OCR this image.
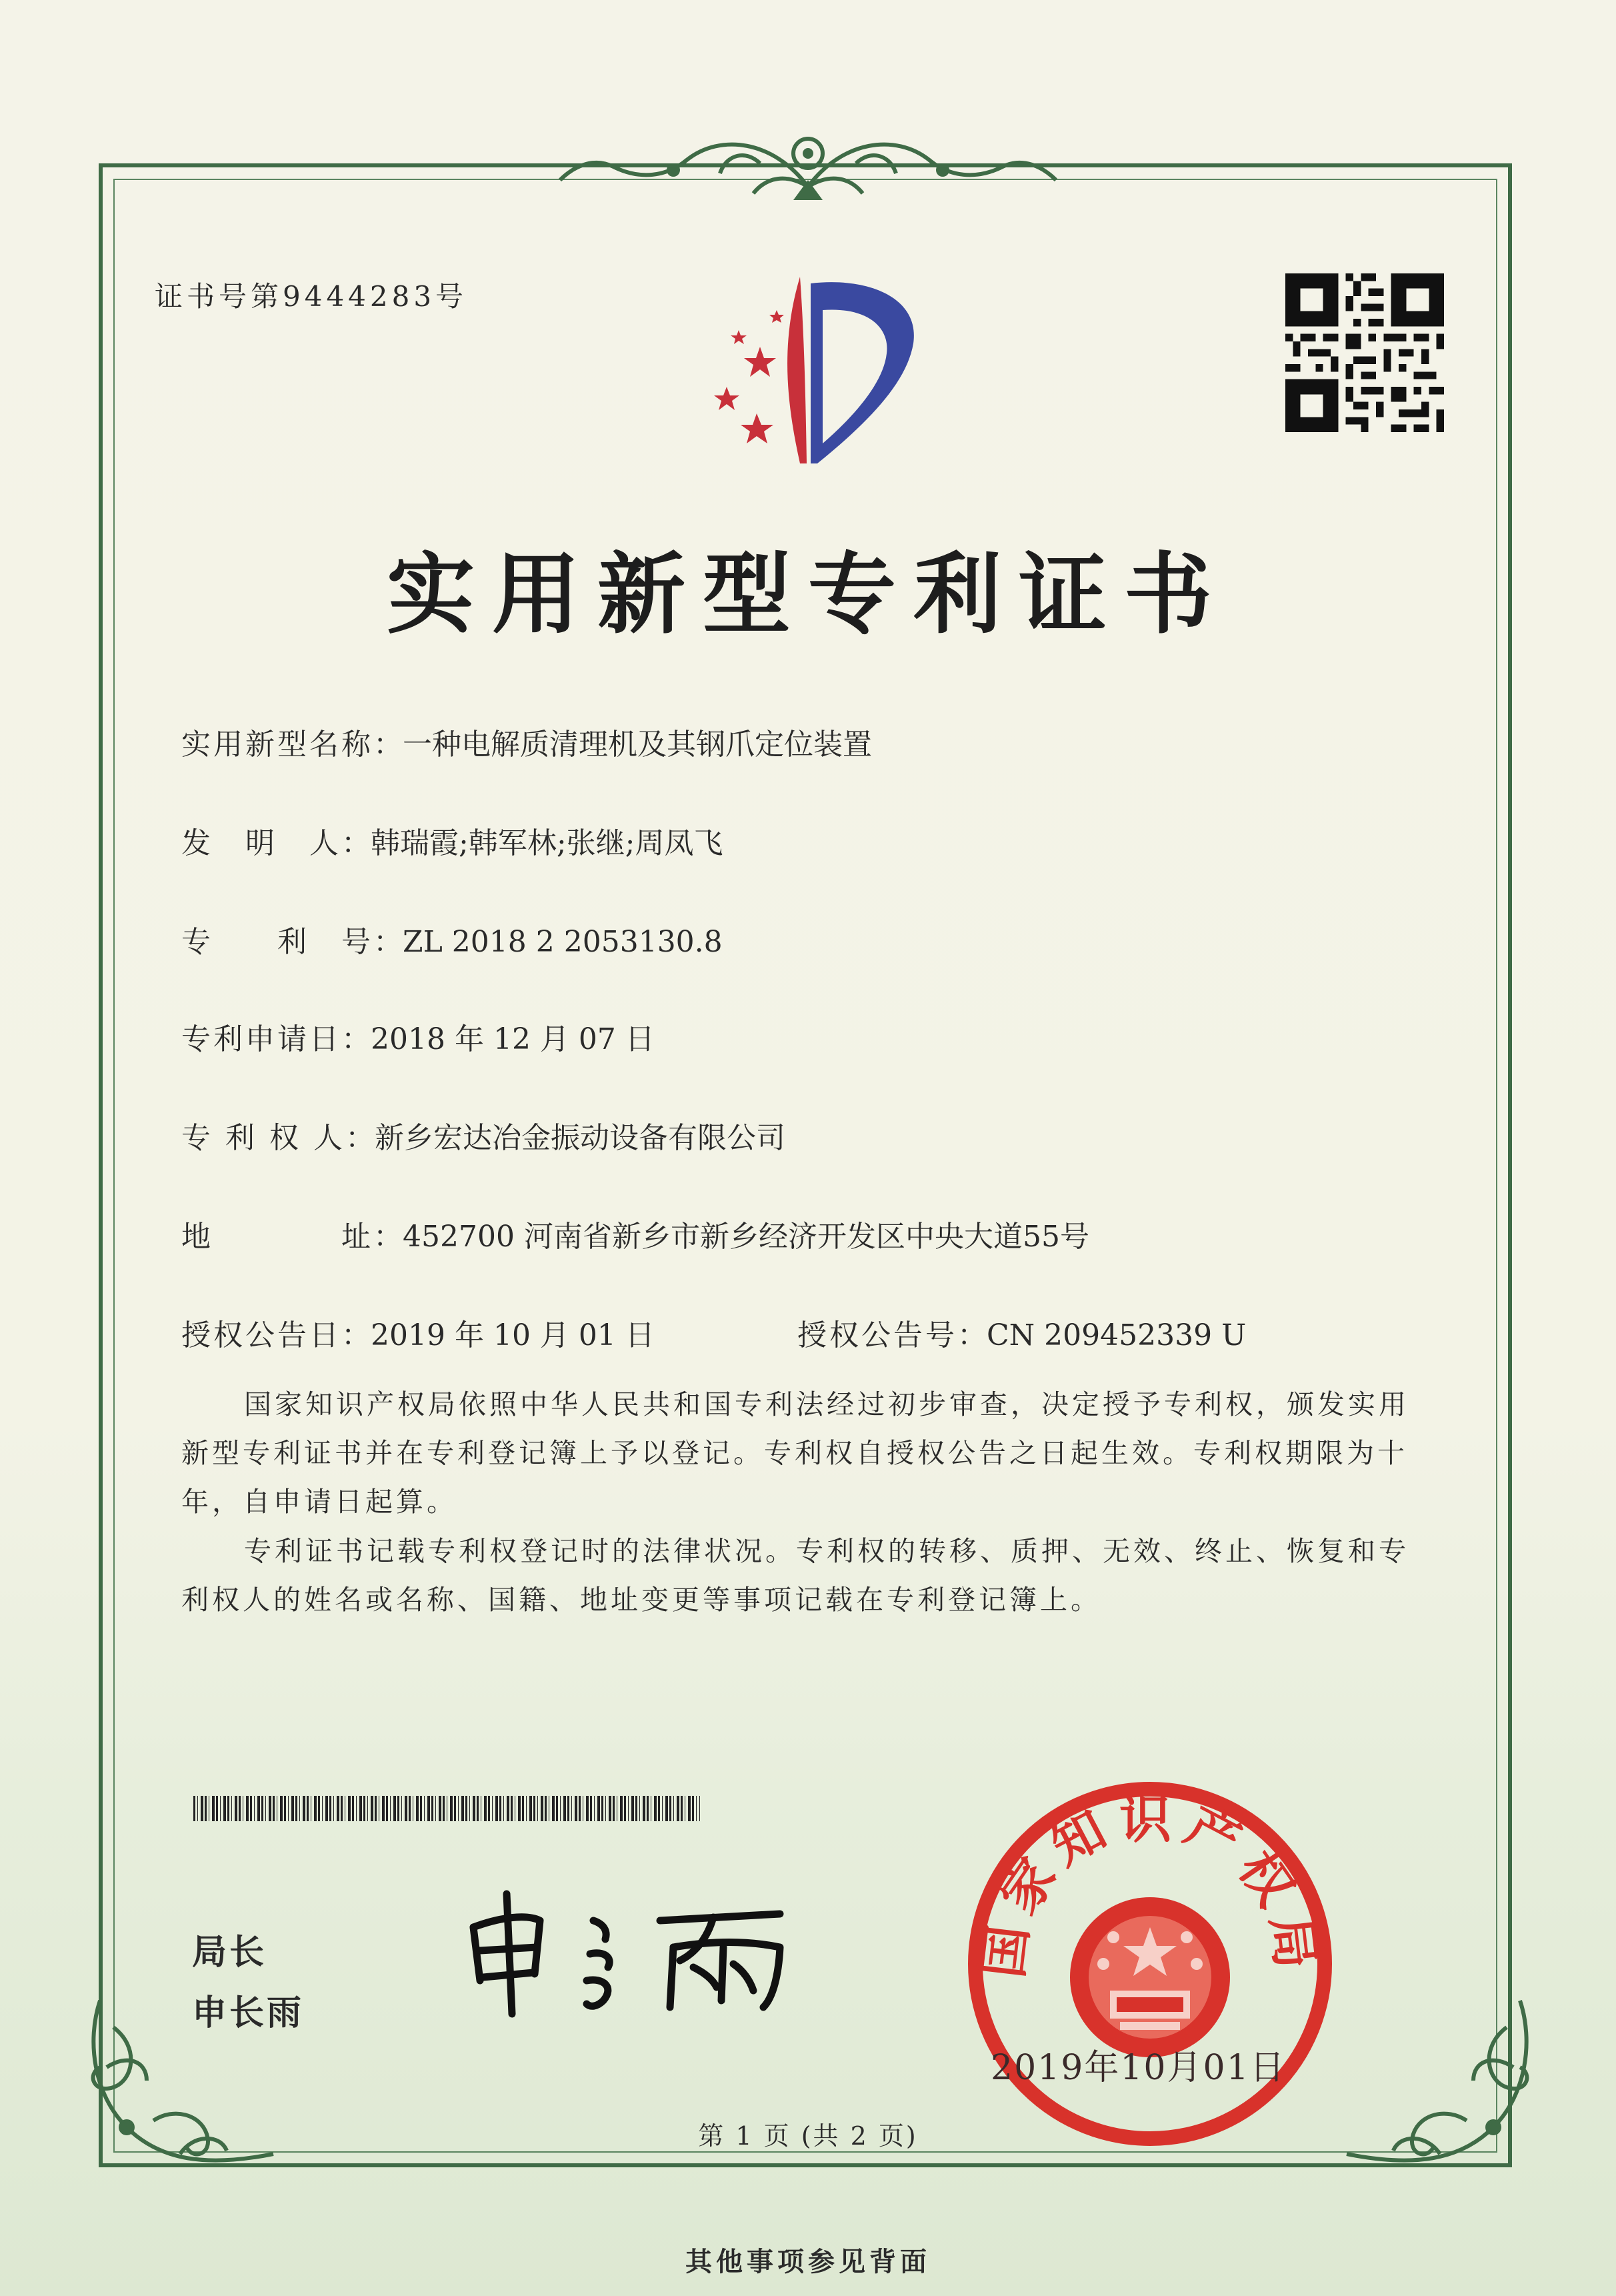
证书号第9444283号
实用新型专利证书
实用新型名称：一种电解质清理机及其钢爪定位装置
发　明　人：韩瑞霞;韩军林;张继;周凤飞
专　　利　号：ZL 2018 2 2053130.8
专利申请日：2018 年 12 月 07 日
专 利 权 人：新乡宏达冶金振动设备有限公司
地　　　　址：452700 河南省新乡市新乡经济开发区中央大道55号
授权公告日：2019 年 10 月 01 日	授权公告号：CN 209452339 U
国家知识产权局依照中华人民共和国专利法经过初步审查，决定授予专利权，颁发实用新型专利证书并在专利登记簿上予以登记。专利权自授权公告之日起生效。专利权期限为十年，自申请日起算。
专利证书记载专利权登记时的法律状况。专利权的转移、质押、无效、终止、恢复和专利权人的姓名或名称、国籍、地址变更等事项记载在专利登记簿上。
局长
申长雨
国家知识产权局
2019年10月01日
第 1 页 (共 2 页)
其他事项参见背面
